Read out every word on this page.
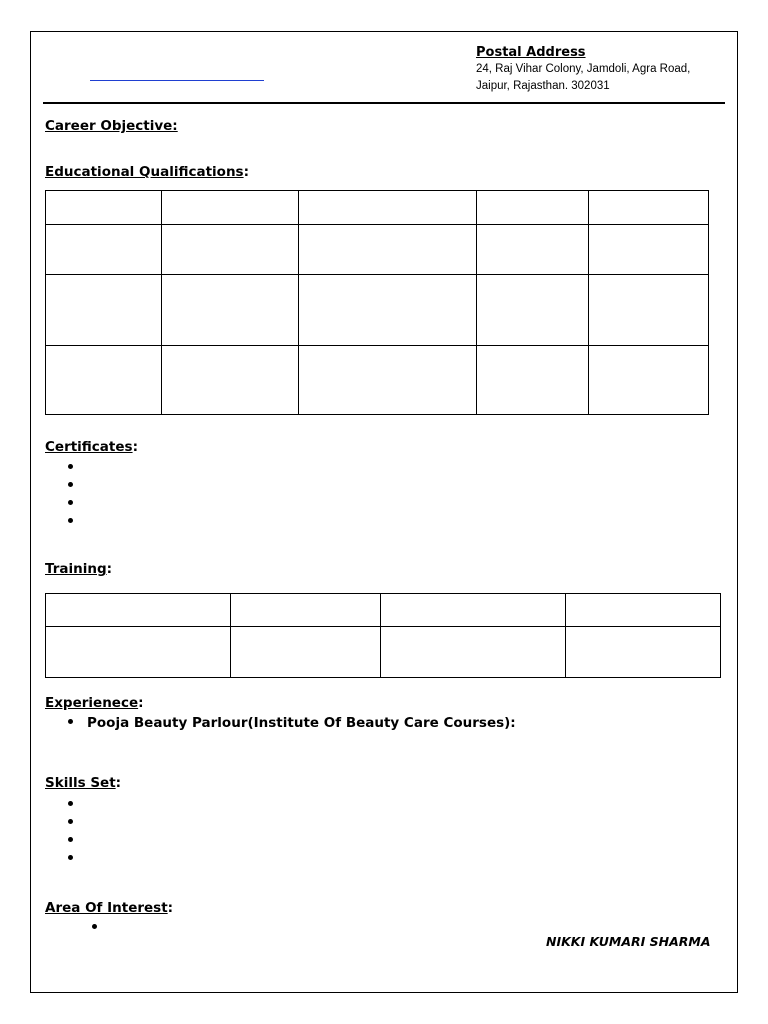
Postal Address
24, Raj Vihar Colony, Jamdoli, Agra Road,
Jaipur, Rajasthan. 302031
Career Objective:
Educational Qualifications:

Certificates:
Training:

Experienece:
Pooja Beauty Parlour(Institute Of Beauty Care Courses):
Skills Set:
Area Of Interest:
NIKKI KUMARI SHARMA
